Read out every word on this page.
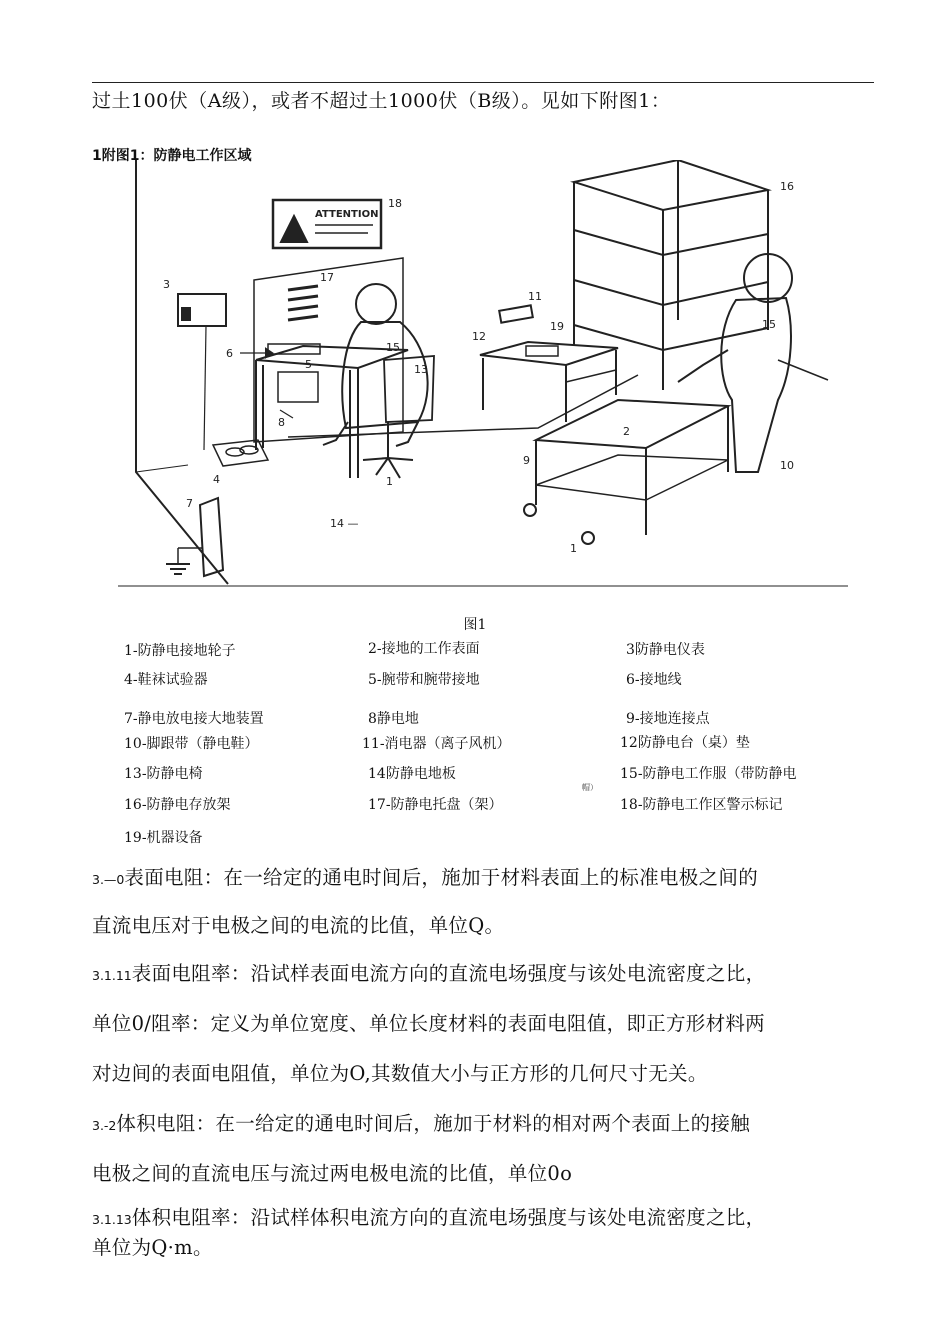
过土100伏（A级），或者不超过土1000伏（B级）。见如下附图1：
1附图1：防静电工作区域
ATTENTION
1
2
3
4
5
6
7
8
9	10
11
12
13
14 —
15
16
17
18
19	15
1
图1
1-防静电接地轮子	2-接地的工作表面	3防静电仪表
4-鞋袜试验器	5-腕带和腕带接地	6-接地线
7-静电放电接大地装置	8静电地	9-接地连接点
10-脚跟带（静电鞋）	11-消电器（离子风机）	12防静电台（桌）垫
13-防静电椅	14防静电地板	15-防静电工作服（带防静电
16-防静电存放架	17-防静电托盘（架）	18-防静电工作区警示标记
19-机器设备
帽）
3.—0表面电阻：在一给定的通电时间后，施加于材料表面上的标准电极之间的
直流电压对于电极之间的电流的比值，单位Q。
3.1.11表面电阻率：沿试样表面电流方向的直流电场强度与该处电流密度之比，
单位0/阻率：定义为单位宽度、单位长度材料的表面电阻值，即正方形材料两
对边间的表面电阻值，单位为O,其数值大小与正方形的几何尺寸无关。
3.-2体积电阻：在一给定的通电时间后，施加于材料的相对两个表面上的接触
电极之间的直流电压与流过两电极电流的比值，单位0o
3.1.13体积电阻率：沿试样体积电流方向的直流电场强度与该处电流密度之比，
单位为Q·m。
